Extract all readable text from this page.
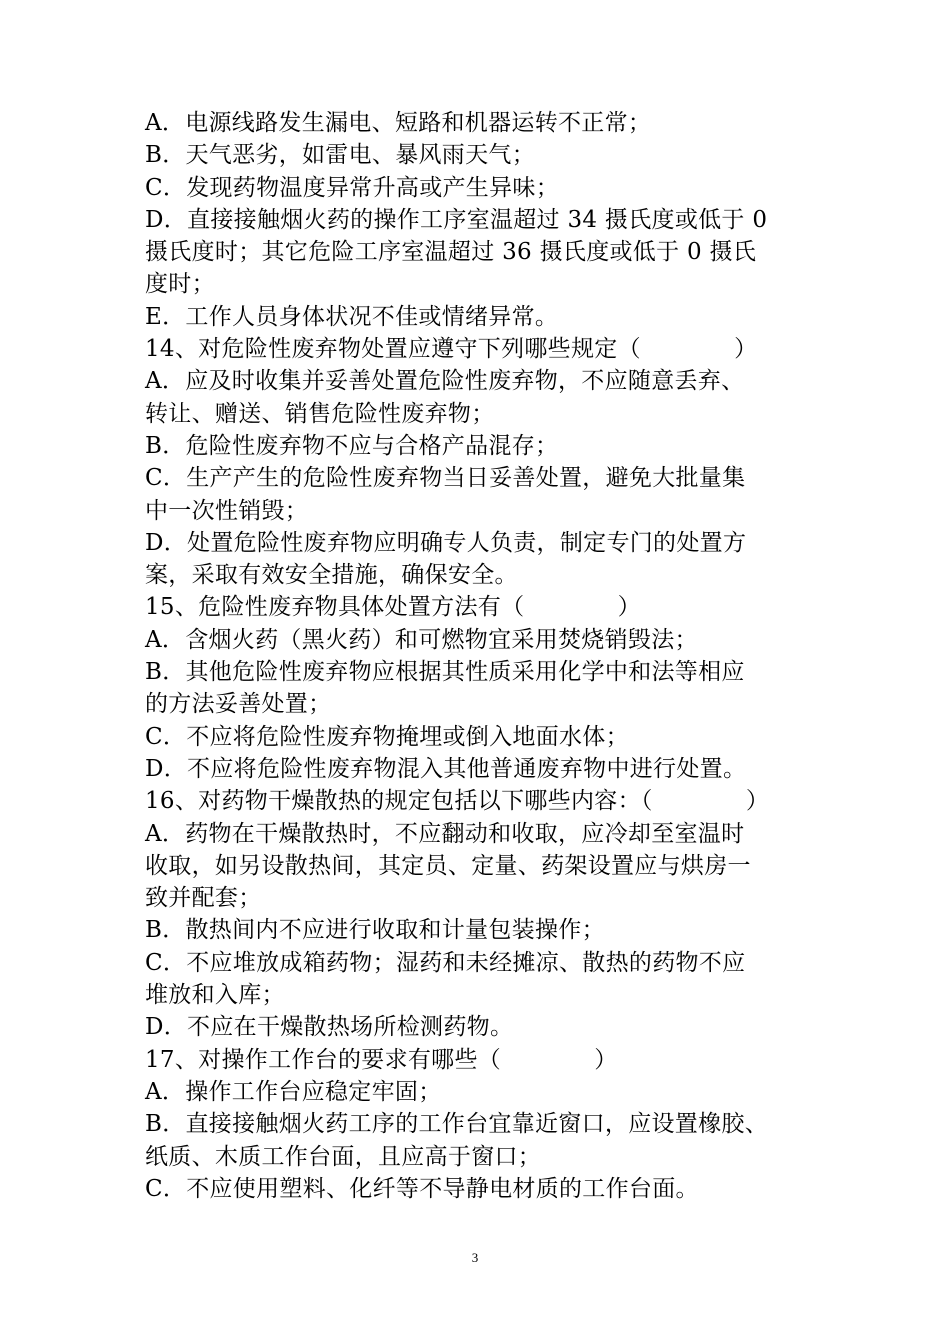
A．电源线路发生漏电、短路和机器运转不正常；
B．天气恶劣，如雷电、暴风雨天气；
C．发现药物温度异常升高或产生异味；
D．直接接触烟火药的操作工序室温超过 34 摄氏度或低于 0
摄氏度时；其它危险工序室温超过 36 摄氏度或低于 0 摄氏
度时；
E．工作人员身体状况不佳或情绪异常。
14、对危险性废弃物处置应遵守下列哪些规定（　　　　）
A．应及时收集并妥善处置危险性废弃物，不应随意丢弃、
转让、赠送、销售危险性废弃物；
B．危险性废弃物不应与合格产品混存；
C．生产产生的危险性废弃物当日妥善处置，避免大批量集
中一次性销毁；
D．处置危险性废弃物应明确专人负责，制定专门的处置方
案，采取有效安全措施，确保安全。
15、危险性废弃物具体处置方法有（　　　　）
A．含烟火药（黑火药）和可燃物宜采用焚烧销毁法；
B．其他危险性废弃物应根据其性质采用化学中和法等相应
的方法妥善处置；
C．不应将危险性废弃物掩埋或倒入地面水体；
D．不应将危险性废弃物混入其他普通废弃物中进行处置。
16、对药物干燥散热的规定包括以下哪些内容：（　　　　）
A．药物在干燥散热时，不应翻动和收取，应冷却至室温时
收取，如另设散热间，其定员、定量、药架设置应与烘房一
致并配套；
B．散热间内不应进行收取和计量包装操作；
C．不应堆放成箱药物；湿药和未经摊凉、散热的药物不应
堆放和入库；
D．不应在干燥散热场所检测药物。
17、对操作工作台的要求有哪些（　　　　）
A．操作工作台应稳定牢固；
B．直接接触烟火药工序的工作台宜靠近窗口，应设置橡胶、
纸质、木质工作台面，且应高于窗口；
C．不应使用塑料、化纤等不导静电材质的工作台面。
3
